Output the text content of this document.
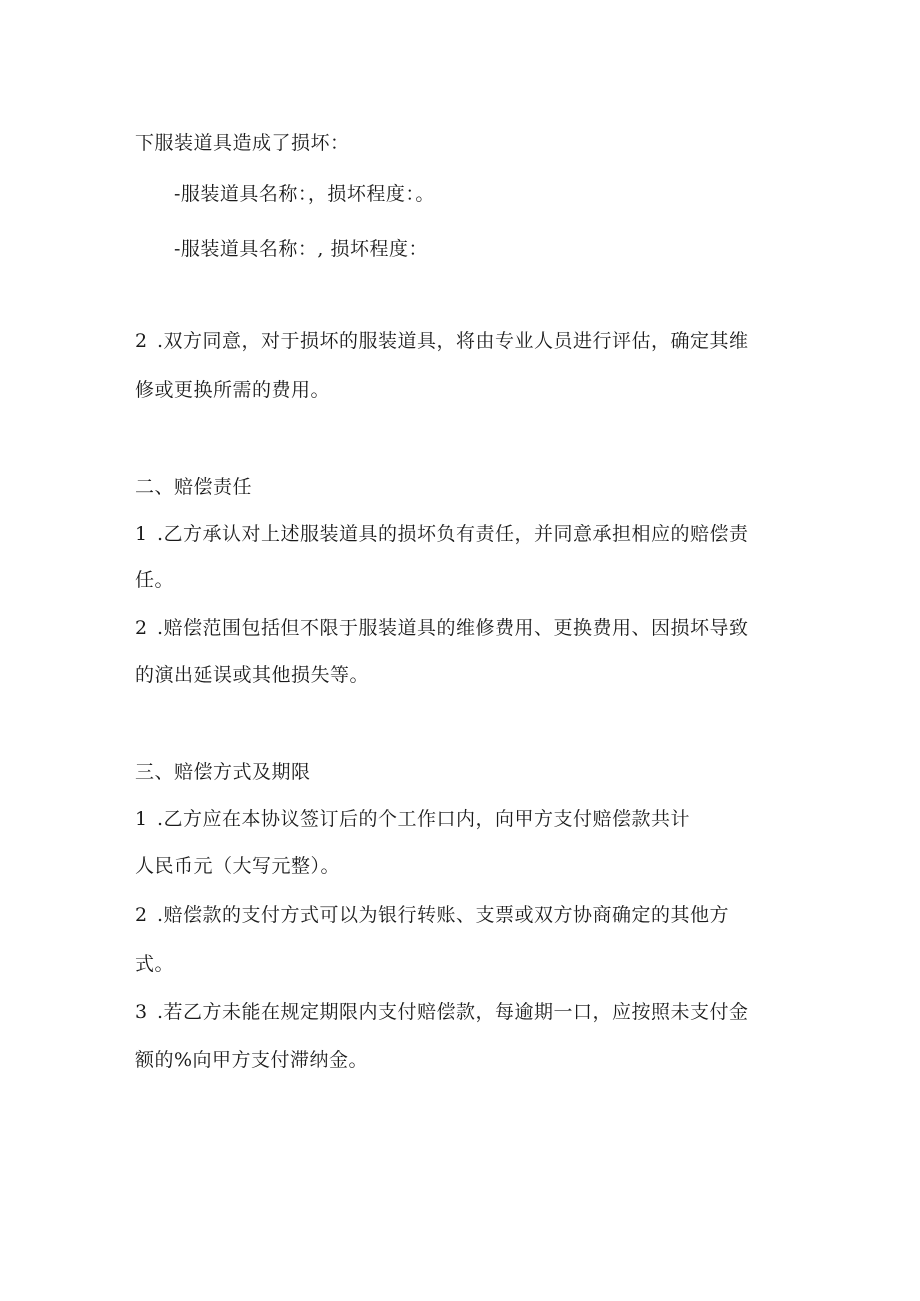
下服装道具造成了损坏：
-服装道具名称：，损坏程度：。
-服装道具名称：, 损坏程度：
2 .双方同意，对于损坏的服装道具，将由专业人员进行评估，确定其维
修或更换所需的费用。
二、赔偿责任
1 .乙方承认对上述服装道具的损坏负有责任，并同意承担相应的赔偿责
任。
2 .赔偿范围包括但不限于服装道具的维修费用、更换费用、因损坏导致
的演出延误或其他损失等。
三、赔偿方式及期限
1 .乙方应在本协议签订后的个工作口内，向甲方支付赔偿款共计
人民币元（大写元整）。
2 .赔偿款的支付方式可以为银行转账、支票或双方协商确定的其他方
式。
3 .若乙方未能在规定期限内支付赔偿款，每逾期一口，应按照未支付金
额的%向甲方支付滞纳金。
